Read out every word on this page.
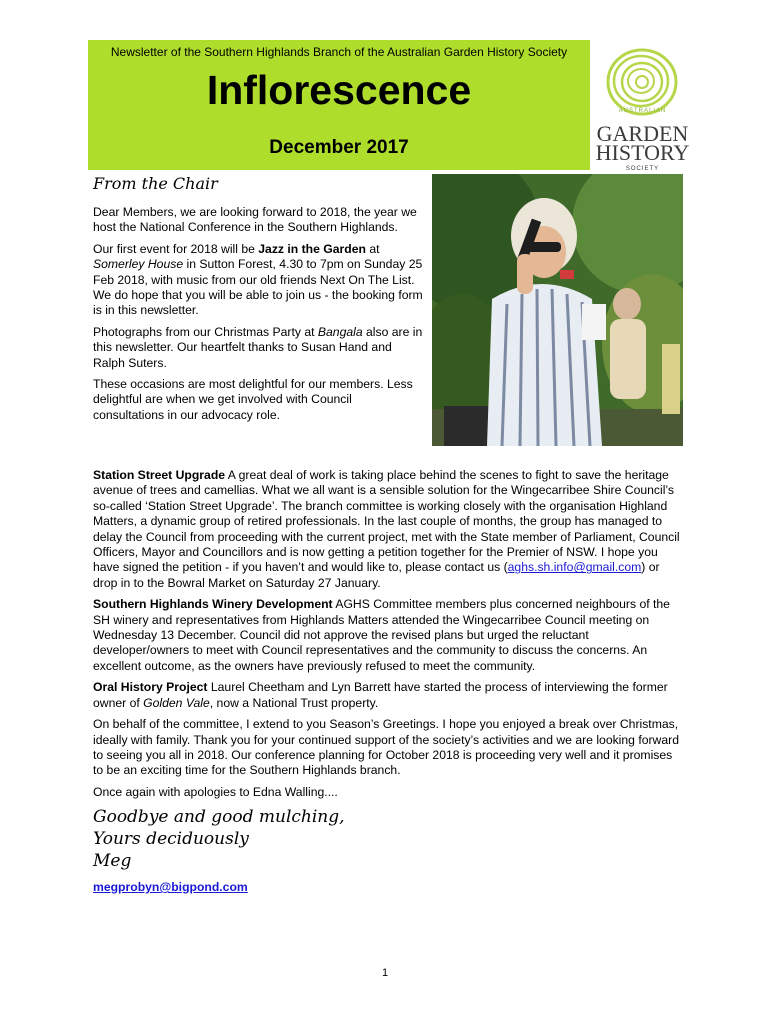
Newsletter of the Southern Highlands Branch of the Australian Garden History Society
Inflorescence
December 2017
AUSTRALIAN
GARDEN
HISTORY
SOCIETY
From the Chair

Dear Members, we are looking forward to 2018, the year we host the National Conference in the Southern Highlands.

Our first event for 2018 will be Jazz in the Garden at Somerley House in Sutton Forest, 4.30 to 7pm on Sunday 25 Feb 2018, with music from our old friends Next On The List. We do hope that you will be able to join us - the booking form is in this newsletter.

Photographs from our Christmas Party at Bangala also are in this newsletter. Our heartfelt thanks to Susan Hand and Ralph Suters.

These occasions are most delightful for our members. Less delightful are when we get involved with Council consultations in our advocacy role.

Station Street Upgrade A great deal of work is taking place behind the scenes to fight to save the heritage avenue of trees and camellias. What we all want is a sensible solution for the Wingecarribee Shire Council’s so-called ‘Station Street Upgrade’. The branch committee is working closely with the organisation Highland Matters, a dynamic group of retired professionals. In the last couple of months, the group has managed to delay the Council from proceeding with the current project, met with the State member of Parliament, Council Officers, Mayor and Councillors and is now getting a petition together for the Premier of NSW. I hope you have signed the petition - if you haven’t and would like to, please contact us (aghs.sh.info@gmail.com) or drop in to the Bowral Market on Saturday 27 January.

Southern Highlands Winery Development AGHS Committee members plus concerned neighbours of the SH winery and representatives from Highlands Matters attended the Wingecarribee Council meeting on Wednesday 13 December. Council did not approve the revised plans but urged the reluctant developer/owners to meet with Council representatives and the community to discuss the concerns. An excellent outcome, as the owners have previously refused to meet the community.

Oral History Project Laurel Cheetham and Lyn Barrett have started the process of interviewing the former owner of Golden Vale, now a National Trust property.

On behalf of the committee, I extend to you Season’s Greetings. I hope you enjoyed a break over Christmas, ideally with family. Thank you for your continued support of the society’s activities and we are looking forward to seeing you all in 2018. Our conference planning for October 2018 is proceeding very well and it promises to be an exciting time for the Southern Highlands branch.

Once again with apologies to Edna Walling....

Goodbye and good mulching,
Yours deciduously
Meg
megprobyn@bigpond.com
1
